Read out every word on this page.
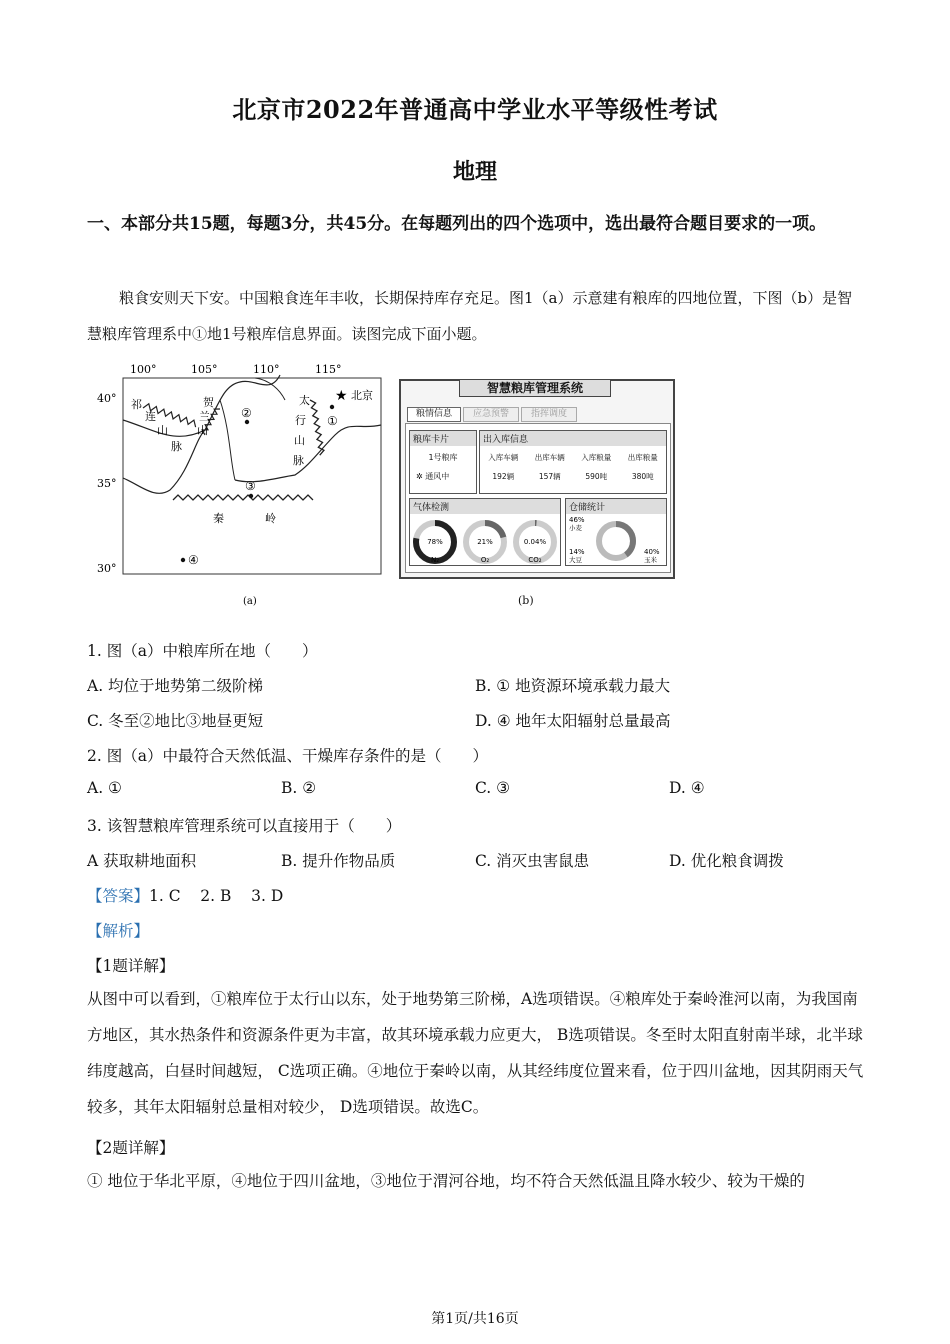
北京市2022年普通高中学业水平等级性考试
地理
一、本部分共15题，每题3分，共45分。在每题列出的四个选项中，选出最符合题目要求的一项。
粮食安则天下安。中国粮食连年丰收，长期保持库存充足。图1（a）示意建有粮库的四地位置，下图（b）是智慧粮库管理系中①地1号粮库信息界面。读图完成下面小题。
100°	105°	110°	115°
40°
35°
30°
祁
连
山
脉
贺
兰
山
太
行
山
脉
秦	岭
★ 北京
①
②
③
④
(a)
智慧粮库管理系统
粮情信息	应急预警	指挥调度
粮库卡片
1号粮库
✲ 通风中
出入库信息
入库车辆 出库车辆 入库粮量 出库粮量
192辆	157辆	590吨	380吨
气体检测
78%
N₂
21%
O₂
0.04%
CO₂
仓储统计
46%
小麦
14%
大豆
40%
玉米
(b)
1. 图（a）中粮库所在地（　　）
A. 均位于地势第二级阶梯	B. ① 地资源环境承载力最大
C. 冬至②地比③地昼更短	D. ④ 地年太阳辐射总量最高
2. 图（a）中最符合天然低温、干燥库存条件的是（　　）
A. ①	B. ②	C. ③	D. ④
3. 该智慧粮库管理系统可以直接用于（　　）
A 获取耕地面积	B. 提升作物品质	C. 消灭虫害鼠患	D. 优化粮食调拨
【答案】1. C    2. B    3. D
【解析】
【1题详解】
从图中可以看到，①粮库位于太行山以东，处于地势第三阶梯，A选项错误。④粮库处于秦岭淮河以南，为我国南方地区，其水热条件和资源条件更为丰富，故其环境承载力应更大， B选项错误。冬至时太阳直射南半球，北半球纬度越高，白昼时间越短， C选项正确。④地位于秦岭以南，从其经纬度位置来看，位于四川盆地，因其阴雨天气较多，其年太阳辐射总量相对较少， D选项错误。故选C。
【2题详解】
① 地位于华北平原，④地位于四川盆地，③地位于渭河谷地，均不符合天然低温且降水较少、较为干燥的
第1页/共16页
